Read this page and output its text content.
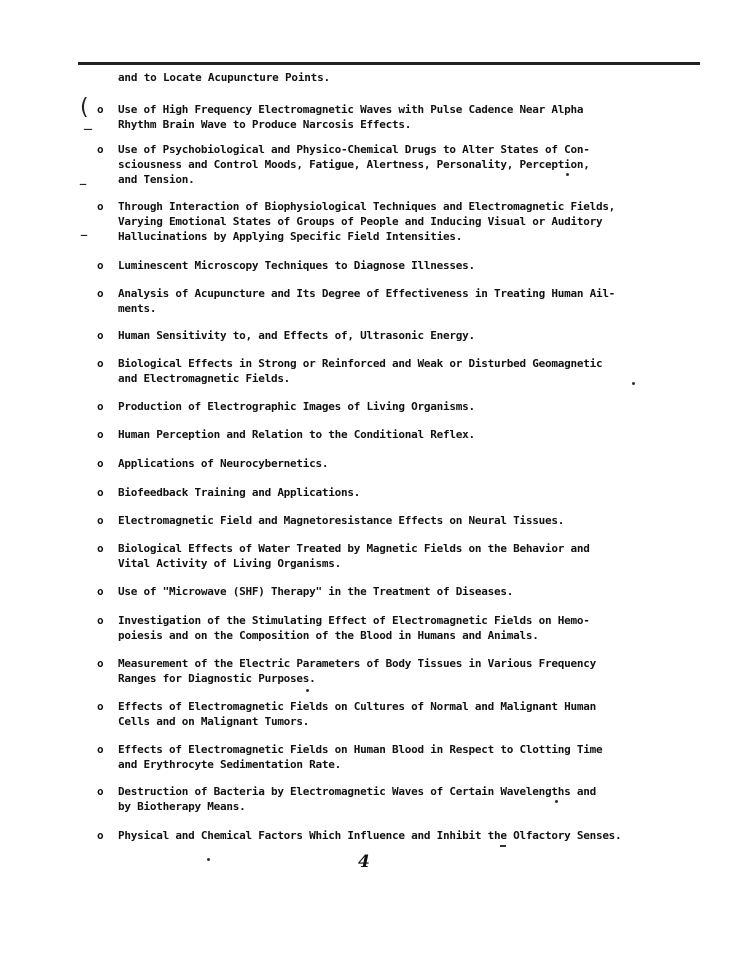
and to Locate Acupuncture Points.
(
‾
–
–
o	Use of High Frequency Electromagnetic Waves with Pulse Cadence Near Alpha
Rhythm Brain Wave to Produce Narcosis Effects.
o	Use of Psychobiological and Physico-Chemical Drugs to Alter States of Con-
sciousness and Control Moods, Fatigue, Alertness, Personality, Perception,
and Tension.
o	Through Interaction of Biophysiological Techniques and Electromagnetic Fields,
Varying Emotional States of Groups of People and Inducing Visual or Auditory
Hallucinations by Applying Specific Field Intensities.
o	Luminescent Microscopy Techniques to Diagnose Illnesses.
o	Analysis of Acupuncture and Its Degree of Effectiveness in Treating Human Ail-
ments.
o	Human Sensitivity to, and Effects of, Ultrasonic Energy.
o	Biological Effects in Strong or Reinforced and Weak or Disturbed Geomagnetic
and Electromagnetic Fields.
o	Production of Electrographic Images of Living Organisms.
o	Human Perception and Relation to the Conditional Reflex.
o	Applications of Neurocybernetics.
o	Biofeedback Training and Applications.
o	Electromagnetic Field and Magnetoresistance Effects on Neural Tissues.
o	Biological Effects of Water Treated by Magnetic Fields on the Behavior and
Vital Activity of Living Organisms.
o	Use of "Microwave (SHF) Therapy" in the Treatment of Diseases.
o	Investigation of the Stimulating Effect of Electromagnetic Fields on Hemo-
poiesis and on the Composition of the Blood in Humans and Animals.
o	Measurement of the Electric Parameters of Body Tissues in Various Frequency
Ranges for Diagnostic Purposes.
o	Effects of Electromagnetic Fields on Cultures of Normal and Malignant Human
Cells and on Malignant Tumors.
o	Effects of Electromagnetic Fields on Human Blood in Respect to Clotting Time
and Erythrocyte Sedimentation Rate.
o	Destruction of Bacteria by Electromagnetic Waves of Certain Wavelengths and
by Biotherapy Means.
o	Physical and Chemical Factors Which Influence and Inhibit the Olfactory Senses.
4
